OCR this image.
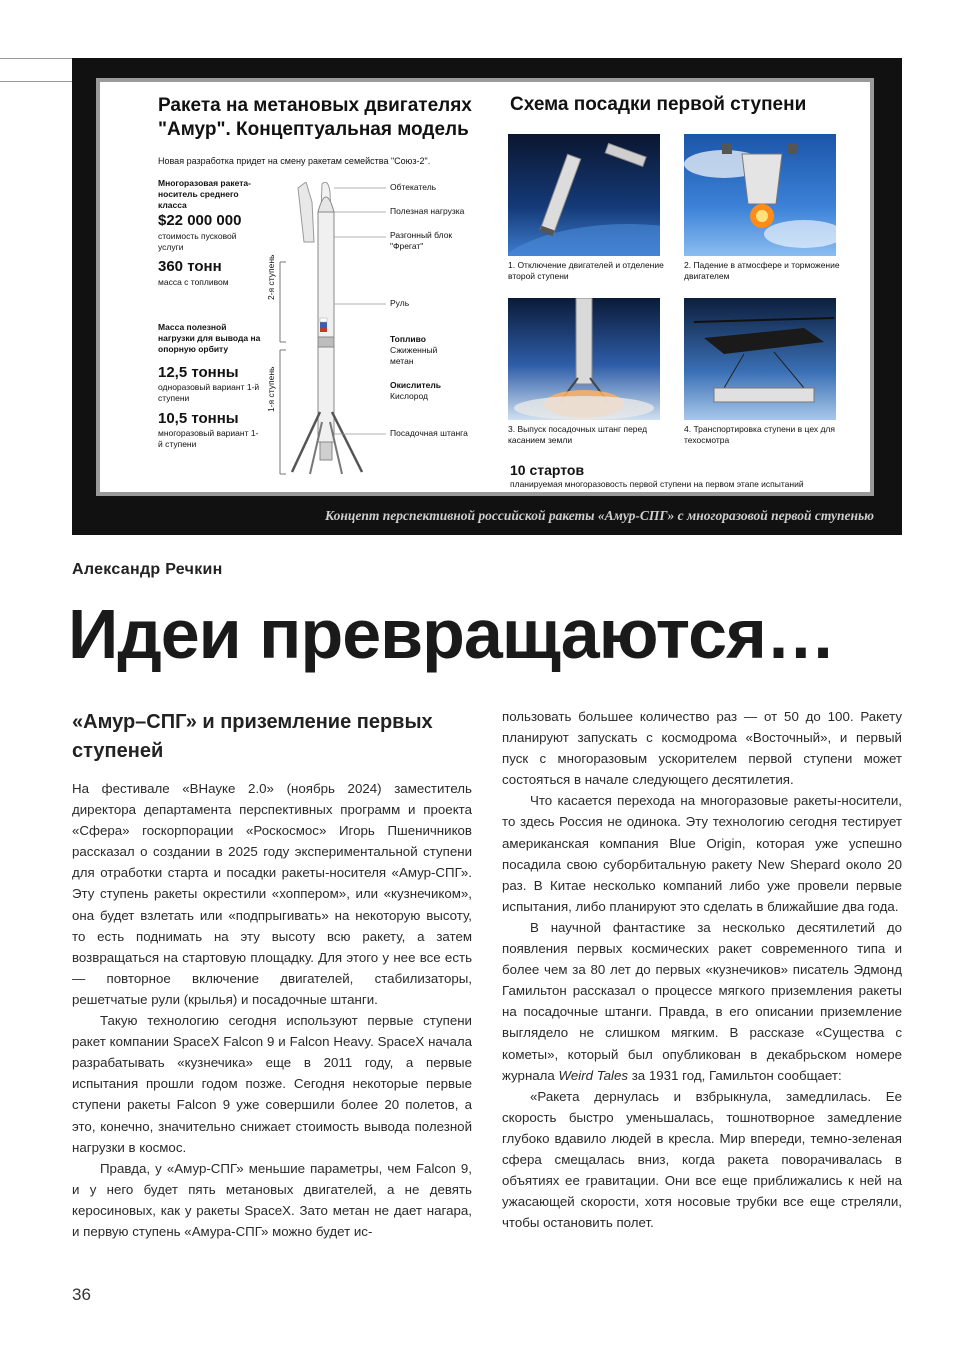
Ракета на метановых двигателях "Амур". Концептуальная модель
Новая разработка придет на смену ракетам семейства "Союз-2".
Многоразовая ракета-носитель среднего класса
$22 000 000
стоимость пусковой услуги
360 тонн
масса с топливом
Масса полезной нагрузки для вывода на опорную орбиту
12,5 тонны
одноразовый вариант 1-й ступени
10,5 тонны
многоразовый вариант 1-й ступени
2-я ступень
1-я ступень
Обтекатель
Полезная нагрузка
Разгонный блок "Фрегат"
Руль
Топливо
Сжиженный метан
Окислитель
Кислород
Посадочная штанга
Схема посадки первой ступени
1. Отключение двигателей и отделение второй ступени
2. Падение в атмосфере и торможение двигателем
3. Выпуск посадочных штанг перед касанием земли
4. Транспортировка ступени в цех для техосмотра
10 стартов
планируемая многоразовость первой ступени на первом этапе испытаний
Концепт перспективной российской ракеты «Амур-СПГ» с многоразовой первой ступенью
Александр Речкин
Идеи превращаются…
«Амур–СПГ» и приземление первых ступеней

На фестивале «ВНауке 2.0» (ноябрь 2024) заместитель директора департамента перспективных программ и проекта «Сфера» госкорпорации «Роскосмос» Игорь Пшеничников рассказал о создании в 2025 году экспериментальной ступени для отработки старта и посадки ракеты-носителя «Амур-СПГ». Эту ступень ракеты окрестили «хоппером», или «кузнечиком», она будет взлетать или «подпрыгивать» на некоторую высоту, то есть поднимать на эту высоту всю ракету, а затем возвращаться на стартовую площадку. Для этого у нее все есть — повторное включение двигателей, стабилизаторы, решетчатые рули (крылья) и посадочные штанги.

Такую технологию сегодня используют первые ступени ракет компании SpaceX Falcon 9 и Falcon Heavy. SpaceX начала разрабатывать «кузнечика» еще в 2011 году, а первые испытания прошли годом позже. Сегодня некоторые первые ступени ракеты Falcon 9 уже совершили более 20 полетов, а это, конечно, значительно снижает стоимость вывода полезной нагрузки в космос.

Правда, у «Амур-СПГ» меньшие параметры, чем Falcon 9, и у него будет пять метановых двигателей, а не девять керосиновых, как у ракеты SpaceX. Зато метан не дает нагара, и первую ступень «Амура-СПГ» можно будет ис-

пользовать большее количество раз — от 50 до 100. Ракету планируют запускать с космодрома «Восточный», и первый пуск с многоразовым ускорителем первой ступени может состояться в начале следующего десятилетия.

Что касается перехода на многоразовые ракеты-носители, то здесь Россия не одинока. Эту технологию сегодня тестирует американская компания Blue Origin, которая уже успешно посадила свою суборбитальную ракету New Shepard около 20 раз. В Китае несколько компаний либо уже провели первые испытания, либо планируют это сделать в ближайшие два года.

В научной фантастике за несколько десятилетий до появления первых космических ракет современного типа и более чем за 80 лет до первых «кузнечиков» писатель Эдмонд Гамильтон рассказал о процессе мягкого приземления ракеты на посадочные штанги. Правда, в его описании приземление выглядело не слишком мягким. В рассказе «Существа с кометы», который был опубликован в декабрьском номере журнала Weird Tales за 1931 год, Гамильтон сообщает:

«Ракета дернулась и взбрыкнула, замедлилась. Ее скорость быстро уменьшалась, тошнотворное замедление глубоко вдавило людей в кресла. Мир впереди, темно-зеленая сфера смещалась вниз, когда ракета поворачивалась в объятиях ее гравитации. Они все еще приближались к ней на ужасающей скорости, хотя носовые трубки все еще стреляли, чтобы остановить полет.

36
